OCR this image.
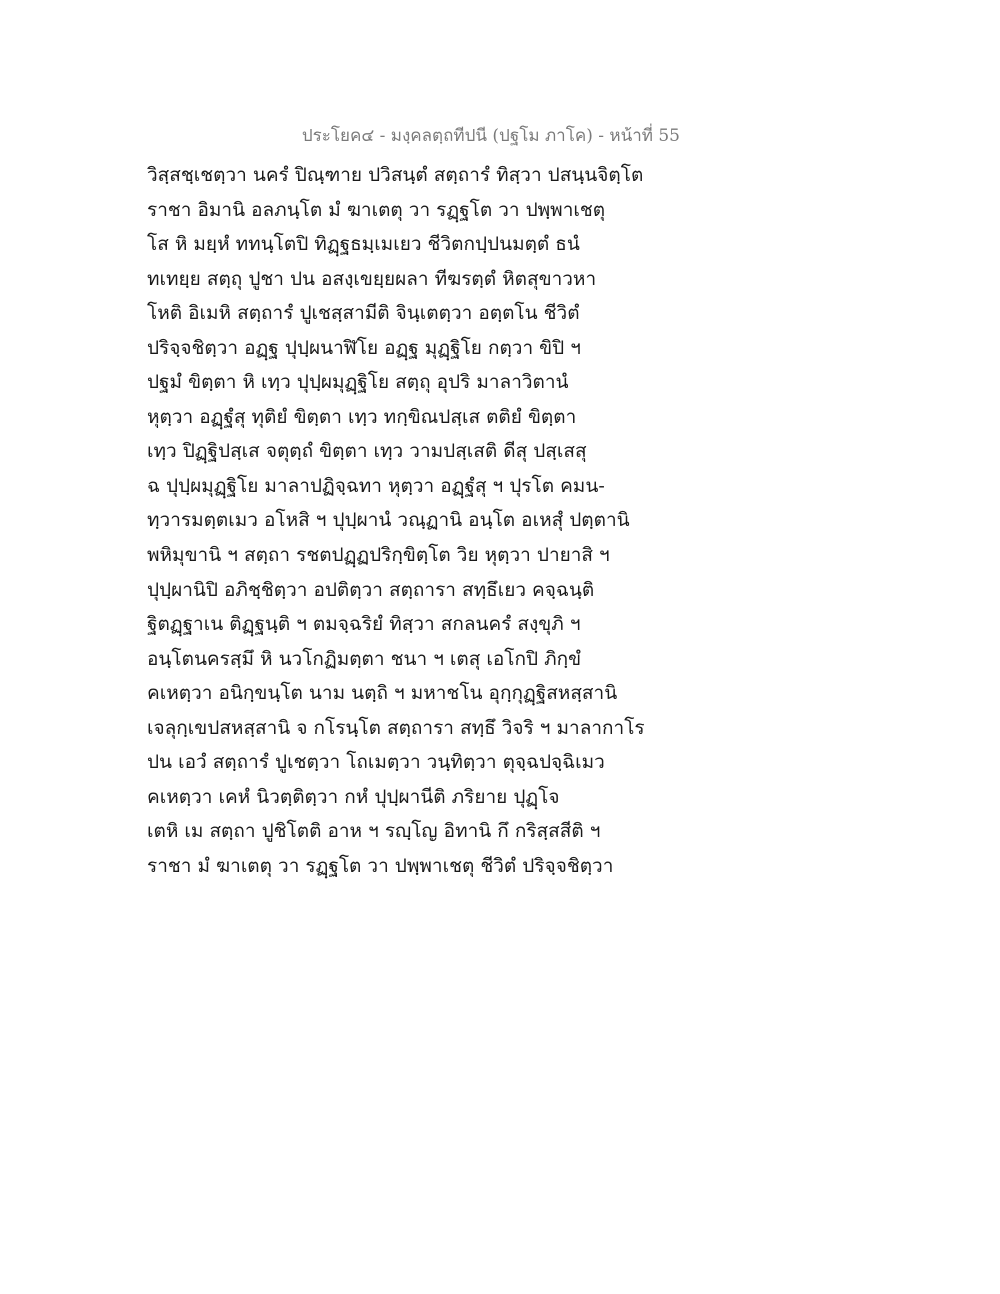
ประโยค๔ - มงฺคลตฺถทีปนี (ปฐโม ภาโค) - หน้าที่ 55
วิสฺสชฺเชตฺวา นครํ ปิณฺฑาย ปวิสนฺตํ สตฺถารํ ทิสฺวา ปสนฺนจิตฺโต
ราชา อิมานิ อลภนฺโต มํ ฆาเตตุ วา รฏฺฐโต วา ปพฺพาเชตุ
โส หิ มยฺหํ ททนฺโตปิ ทิฏฺฐธมฺเมเยว ชีวิตกปฺปนมตฺตํ ธนํ
ทเทยฺย สตฺถุ ปูชา ปน อสงฺเขยฺยผลา ทีฆรตฺตํ หิตสุขาวหา
โหติ อิเมหิ สตฺถารํ ปูเชสฺสามีติ จินฺเตตฺวา อตฺตโน ชีวิตํ
ปริจฺจชิตฺวา อฏฺฐ ปุปฺผนาฬิโย อฏฺฐ มุฏฺฐิโย กตฺวา ขิปิ ฯ
ปฐมํ ขิตฺตา หิ เทฺว ปุปฺผมุฏฺฐิโย สตฺถุ อุปริ มาลาวิตานํ
หุตฺวา อฏฺฐํสุ ทุติยํ ขิตฺตา เทฺว ทกฺขิณปสฺเส ตติยํ ขิตฺตา
เทฺว ปิฏฺฐิปสฺเส จตุตฺถํ ขิตฺตา เทฺว วามปสฺเสติ ดีสุ ปสฺเสสุ
ฉ ปุปฺผมุฏฺฐิโย มาลาปฏิจฺฉทา หุตฺวา อฏฺฐํสุ ฯ ปุรโต คมน-
ทฺวารมตฺตเมว อโหสิ ฯ ปุปฺผานํ วณฺฏานิ อนฺโต อเหสุํ ปตฺตานิ
พหิมุขานิ ฯ สตฺถา รชตปฏฺฏปริกฺขิตฺโต วิย หุตฺวา ปายาสิ ฯ
ปุปฺผานิปิ อภิชฺชิตฺวา อปติตฺวา สตฺถารา สทฺธึเยว คจฺฉนฺติ
ฐิตฏฺฐาเน ติฏฺฐนฺติ ฯ ตมจฺฉริยํ ทิสฺวา สกลนครํ สงฺขุภิ ฯ
อนฺโตนครสฺมึ หิ นวโกฏิมตฺตา ชนา ฯ เตสุ เอโกปิ ภิกฺขํ
คเหตฺวา อนิกฺขนฺโต นาม นตฺถิ ฯ มหาชโน อุกฺกุฏฺฐิสหสฺสานิ
เจลุกฺเขปสหสฺสานิ จ กโรนฺโต สตฺถารา สทฺธึ วิจริ ฯ มาลากาโร
ปน เอวํ สตฺถารํ ปูเชตฺวา โถเมตฺวา วนฺทิตฺวา ตุจฺฉปจฺฉิเมว
คเหตฺวา เคหํ นิวตฺติตฺวา กหํ ปุปฺผานีติ ภริยาย ปุฏฺโจ
เตหิ เม สตฺถา ปูชิโตติ อาห ฯ รญฺโญ อิทานิ กึ กริสฺสสีติ ฯ
ราชา มํ ฆาเตตุ วา รฏฺฐโต วา ปพฺพาเชตุ ชีวิตํ ปริจฺจชิตฺวา
